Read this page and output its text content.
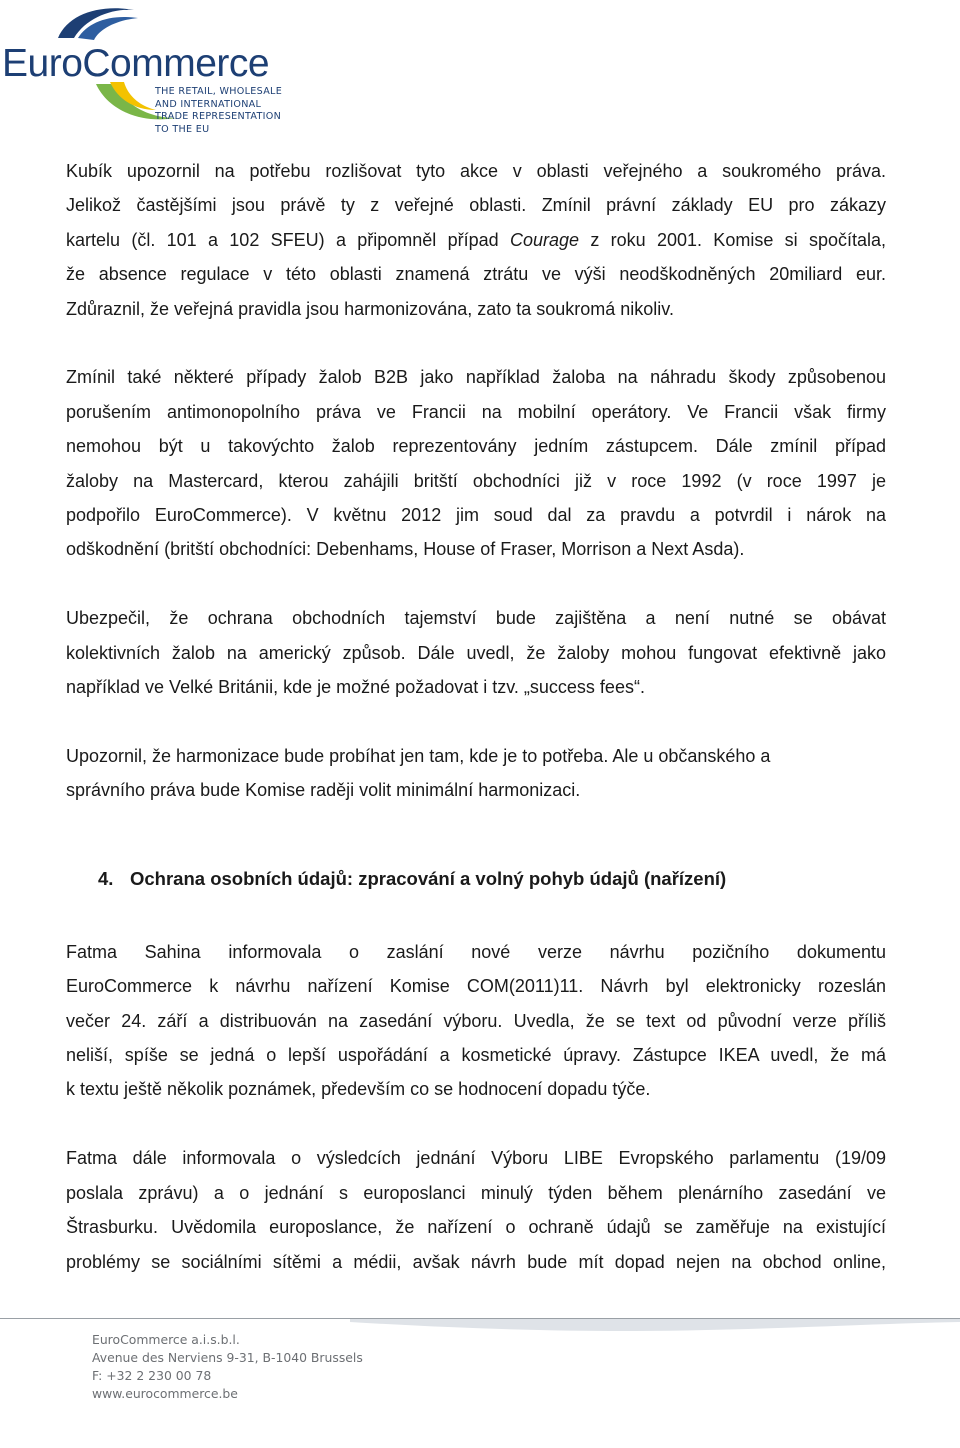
EuroCommerce
THE RETAIL, WHOLESALE
AND INTERNATIONAL
TRADE REPRESENTATION
TO THE EU

Kubík upozornil na potřebu rozlišovat tyto akce v oblasti veřejného a soukromého práva.
Jelikož častějšími jsou právě ty z veřejné oblasti. Zmínil právní základy EU pro zákazy
kartelu (čl. 101 a 102 SFEU) a připomněl případ Courage z roku 2001. Komise si spočítala,
že absence regulace v této oblasti znamená ztrátu ve výši neodškodněných 20miliard eur.
Zdůraznil, že veřejná pravidla jsou harmonizována, zato ta soukromá nikoliv.

Zmínil také některé případy žalob B2B jako například žaloba na náhradu škody způsobenou
porušením antimonopolního práva ve Francii na mobilní operátory. Ve Francii však firmy
nemohou být u takovýchto žalob reprezentovány jedním zástupcem. Dále zmínil případ
žaloby na Mastercard, kterou zahájili britští obchodníci již v roce 1992 (v roce 1997 je
podpořilo EuroCommerce). V květnu 2012 jim soud dal za pravdu a potvrdil i nárok na
odškodnění (britští obchodníci: Debenhams, House of Fraser, Morrison a Next Asda).

Ubezpečil, že ochrana obchodních tajemství bude zajištěna a není nutné se obávat
kolektivních žalob na americký způsob. Dále uvedl, že žaloby mohou fungovat efektivně jako
například ve Velké Británii, kde je možné požadovat i tzv. „success fees“.

Upozornil, že harmonizace bude probíhat jen tam, kde je to potřeba. Ale u občanského a
správního práva bude Komise raději volit minimální harmonizaci.

4. Ochrana osobních údajů: zpracování a volný pohyb údajů (nařízení)

Fatma Sahina informovala o zaslání nové verze návrhu pozičního dokumentu
EuroCommerce k návrhu nařízení Komise COM(2011)11. Návrh byl elektronicky rozeslán
večer 24. září a distribuován na zasedání výboru. Uvedla, že se text od původní verze příliš
neliší, spíše se jedná o lepší uspořádání a kosmetické úpravy. Zástupce IKEA uvedl, že má
k textu ještě několik poznámek, především co se hodnocení dopadu týče.

Fatma dále informovala o výsledcích jednání Výboru LIBE Evropského parlamentu (19/09
poslala zprávu) a o jednání s europoslanci minulý týden během plenárního zasedání ve
Štrasburku. Uvědomila europoslance, že nařízení o ochraně údajů se zaměřuje na existující
problémy se sociálními sítěmi a médii, avšak návrh bude mít dopad nejen na obchod online,

EuroCommerce a.i.s.b.l.
Avenue des Nerviens 9-31, B-1040 Brussels
F: +32 2 230 00 78
www.eurocommerce.be
